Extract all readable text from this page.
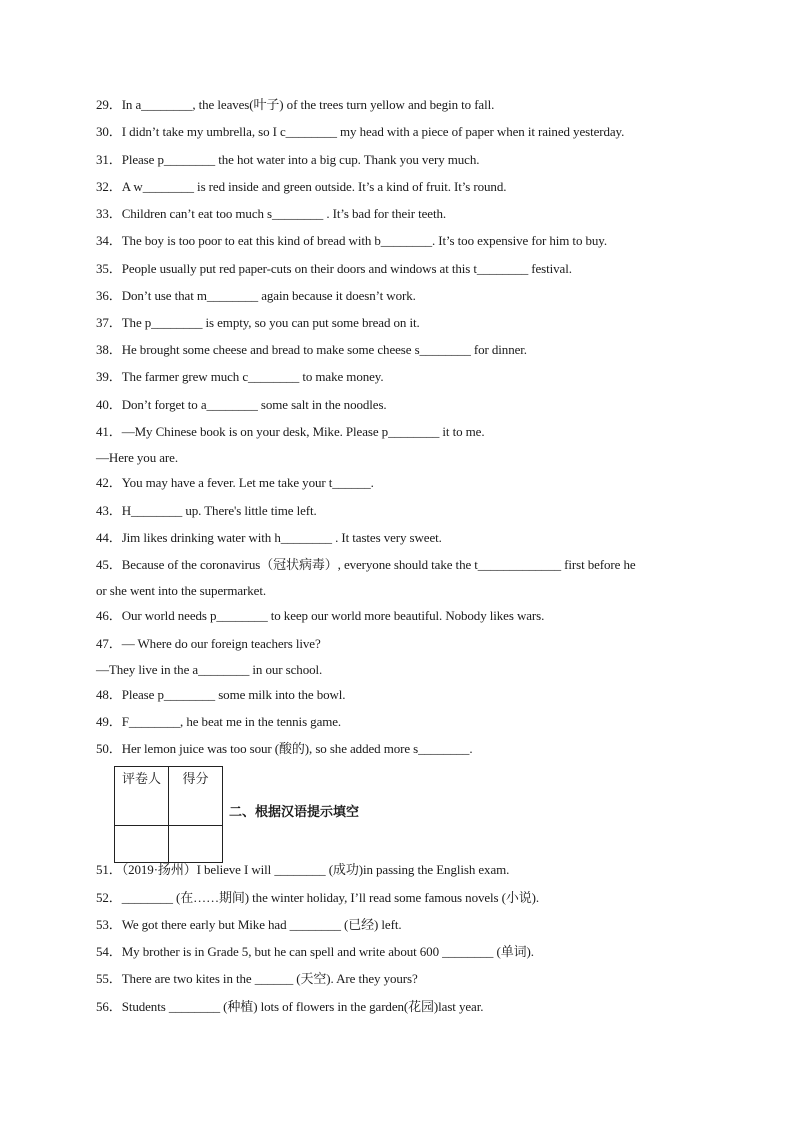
29．In a________, the leaves(叶子) of the trees turn yellow and begin to fall.
30．I didn’t take my umbrella, so I c________ my head with a piece of paper when it rained yesterday.
31．Please p________ the hot water into a big cup. Thank you very much.
32．A w________ is red inside and green outside. It’s a kind of fruit. It’s round.
33．Children can’t eat too much s________ . It’s bad for their teeth.
34．The boy is too poor to eat this kind of bread with b________. It’s too expensive for him to buy.
35．People usually put red paper-cuts on their doors and windows at this t________ festival.
36．Don’t use that m________ again because it doesn’t work.
37．The p________ is empty, so you can put some bread on it.
38．He brought some cheese and bread to make some cheese s________ for dinner.
39．The farmer grew much c________ to make money.
40．Don’t forget to a________ some salt in the noodles.
41．—My Chinese book is on your desk, Mike. Please p________ it to me.
—Here you are.
42．You may have a fever. Let me take your t______.
43．H________ up. There's little time left.
44．Jim likes drinking water with h________ . It tastes very sweet.
45．Because of the coronavirus（冠状病毒）, everyone should take the t_____________ first before he
or she went into the supermarket.
46．Our world needs p________ to keep our world more beautiful. Nobody likes wars.
47．— Where do our foreign teachers live?
—They live in the a________ in our school.
48．Please p________ some milk into the bowl.
49．F________, he beat me in the tennis game.
50．Her lemon juice was too sour (酸的), so she added more s________.
评卷人	得分

二、根据汉语提示填空
51．（2019·扬州）I believe I will ________ (成功)in passing the English exam.
52．________ (在……期间) the winter holiday, I’ll read some famous novels (小说).
53．We got there early but Mike had ________ (已经) left.
54．My brother is in Grade 5, but he can spell and write about 600 ________ (单词).
55．There are two kites in the ______ (天空). Are they yours?
56．Students ________ (种植) lots of flowers in the garden(花园)last year.
